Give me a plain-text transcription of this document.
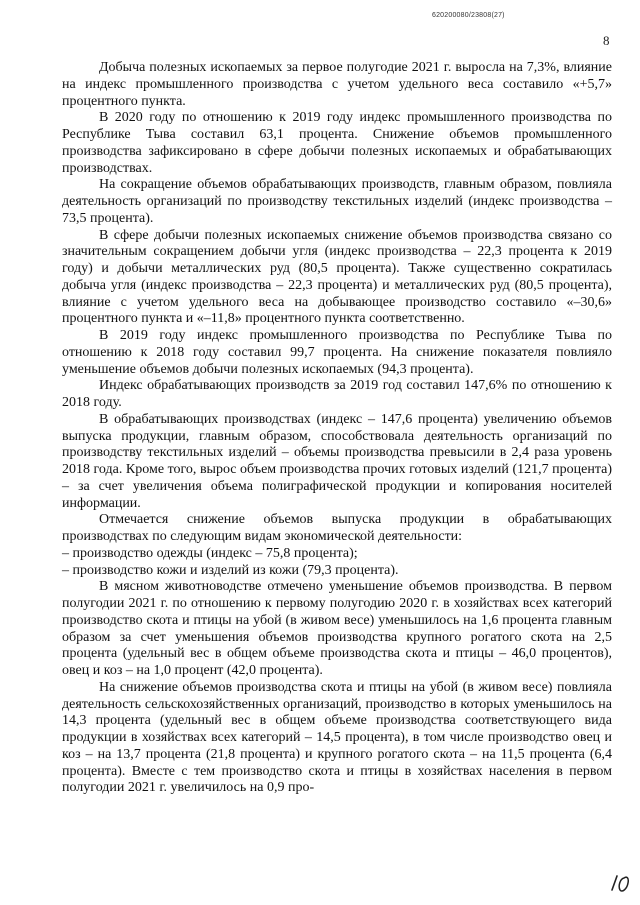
620200080/23808(27)
8

Добыча полезных ископаемых за первое полугодие 2021 г. выросла на 7,3%, влияние на индекс промышленного производства с учетом удельного веса составило «+5,7» процентного пункта.

В 2020 году по отношению к 2019 году индекс промышленного производства по Республике Тыва составил 63,1 процента. Снижение объемов промышленного производства зафиксировано в сфере добычи полезных ископаемых и обрабатывающих производствах.

На сокращение объемов обрабатывающих производств, главным образом, повлияла деятельность организаций по производству текстильных изделий (индекс производства – 73,5 процента).

В сфере добычи полезных ископаемых снижение объемов производства связано со значительным сокращением добычи угля (индекс производства – 22,3 процента к 2019 году) и добычи металлических руд (80,5 процента). Также существенно сократилась добыча угля (индекс производства – 22,3 процента) и металлических руд (80,5 процента), влияние с учетом удельного веса на добывающее производство составило «–30,6» процентного пункта и «–11,8» процентного пункта соответственно.

В 2019 году индекс промышленного производства по Республике Тыва по отношению к 2018 году составил 99,7 процента. На снижение показателя повлияло уменьшение объемов добычи полезных ископаемых (94,3 процента).

Индекс обрабатывающих производств за 2019 год составил 147,6% по отношению к 2018 году.

В обрабатывающих производствах (индекс – 147,6 процента) увеличению объемов выпуска продукции, главным образом, способствовала деятельность организаций по производству текстильных изделий – объемы производства превысили в 2,4 раза уровень 2018 года. Кроме того, вырос объем производства прочих готовых изделий (121,7 процента) – за счет увеличения объема полиграфической продукции и копирования носителей информации.

Отмечается снижение объемов выпуска продукции в обрабатывающих производствах по следующим видам экономической деятельности:

– производство одежды (индекс – 75,8 процента);

– производство кожи и изделий из кожи (79,3 процента).

В мясном животноводстве отмечено уменьшение объемов производства. В первом полугодии 2021 г. по отношению к первому полугодию 2020 г. в хозяйствах всех категорий производство скота и птицы на убой (в живом весе) уменьшилось на 1,6 процента главным образом за счет уменьшения объемов производства крупного рогатого скота на 2,5 процента (удельный вес в общем объеме производства скота и птицы – 46,0 процентов), овец и коз – на 1,0 процент (42,0 процента).

На снижение объемов производства скота и птицы на убой (в живом весе) повлияла деятельность сельскохозяйственных организаций, производство в которых уменьшилось на 14,3 процента (удельный вес в общем объеме производства соответствующего вида продукции в хозяйствах всех категорий – 14,5 процента), в том числе производство овец и коз – на 13,7 процента (21,8 процента) и крупного рогатого скота – на 11,5 процента (6,4 процента). Вместе с тем производство скота и птицы в хозяйствах населения в первом полугодии 2021 г. увеличилось на 0,9 про-
